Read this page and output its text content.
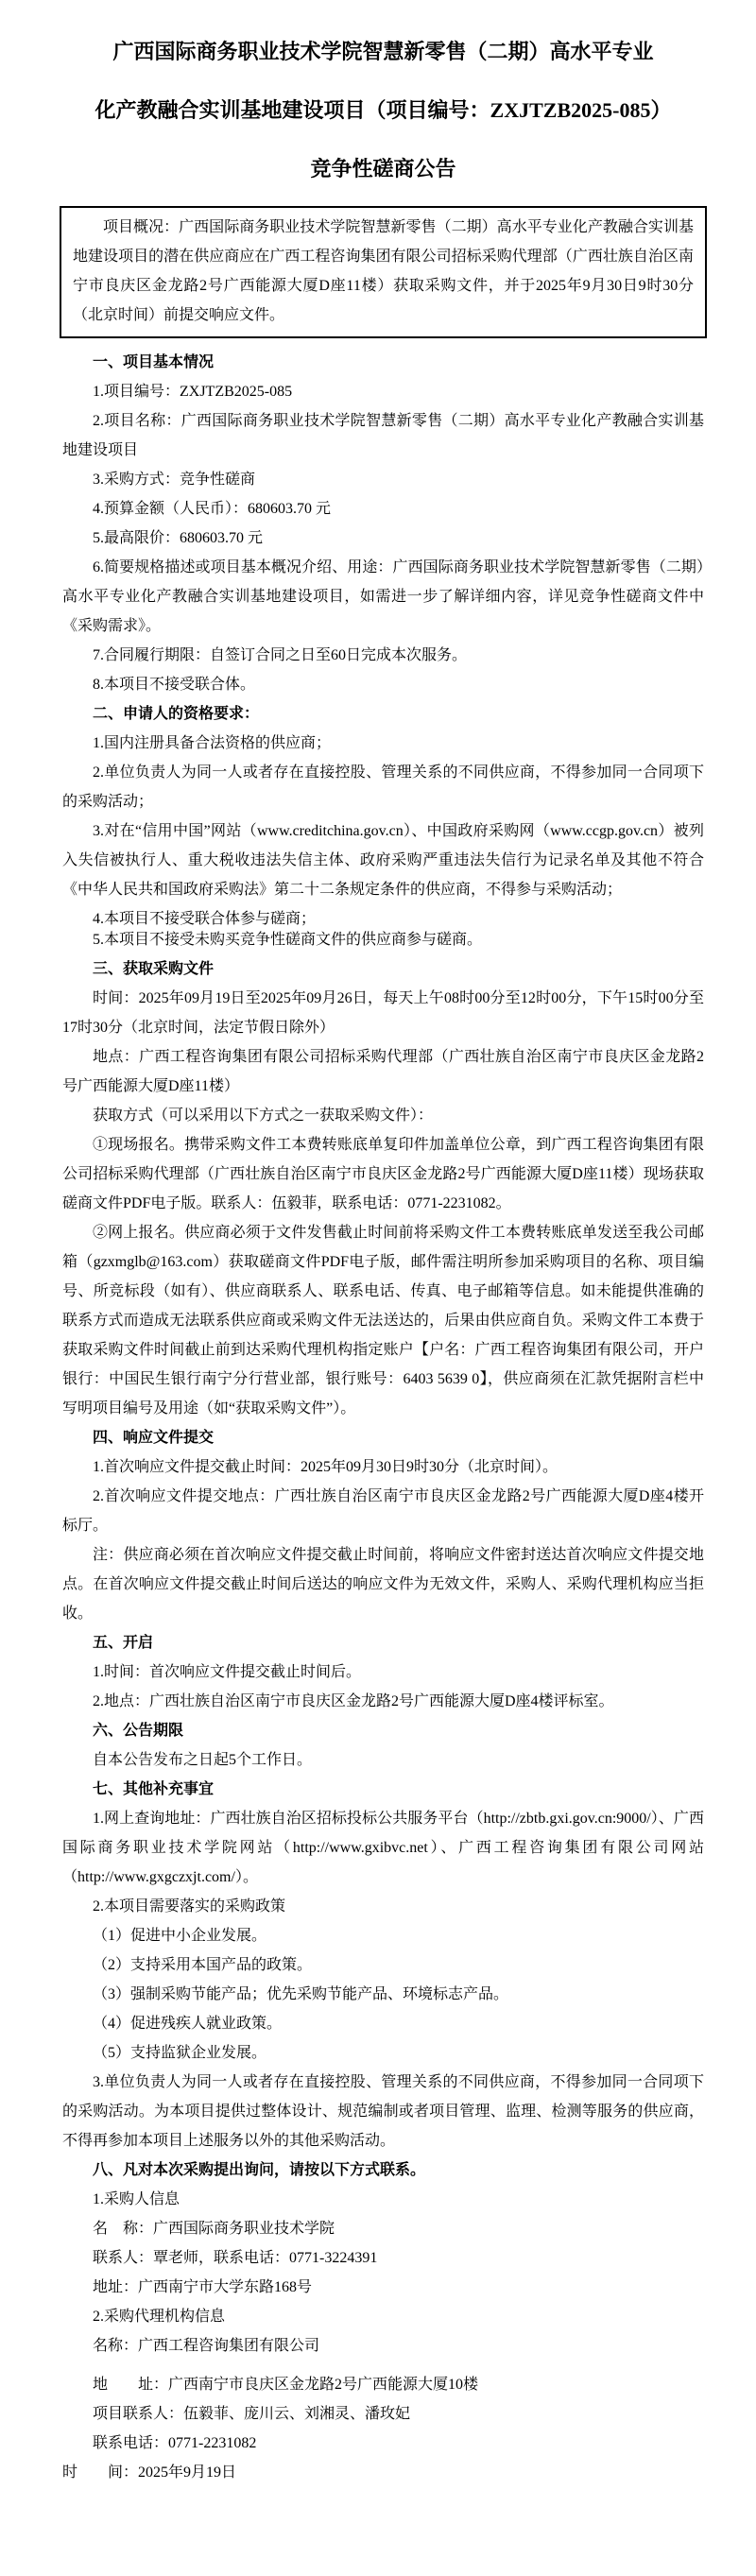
广西国际商务职业技术学院智慧新零售（二期）高水平专业
化产教融合实训基地建设项目（项目编号：ZXJTZB2025-085）
竞争性磋商公告

项目概况：广西国际商务职业技术学院智慧新零售（二期）高水平专业化产教融合实训基地建设项目的潜在供应商应在广西工程咨询集团有限公司招标采购代理部（广西壮族自治区南宁市良庆区金龙路2号广西能源大厦D座11楼）获取采购文件，并于2025年9月30日9时30分（北京时间）前提交响应文件。

一、项目基本情况

1.项目编号：ZXJTZB2025-085

2.项目名称：广西国际商务职业技术学院智慧新零售（二期）高水平专业化产教融合实训基地建设项目

3.采购方式：竞争性磋商

4.预算金额（人民币）：680603.70 元

5.最高限价：680603.70 元

6.简要规格描述或项目基本概况介绍、用途：广西国际商务职业技术学院智慧新零售（二期）高水平专业化产教融合实训基地建设项目，如需进一步了解详细内容，详见竞争性磋商文件中《采购需求》。

7.合同履行期限：自签订合同之日至60日完成本次服务。

8.本项目不接受联合体。

二、申请人的资格要求：

1.国内注册具备合法资格的供应商；

2.单位负责人为同一人或者存在直接控股、管理关系的不同供应商，不得参加同一合同项下的采购活动；

3.对在“信用中国”网站（www.creditchina.gov.cn）、中国政府采购网（www.ccgp.gov.cn）被列入失信被执行人、重大税收违法失信主体、政府采购严重违法失信行为记录名单及其他不符合《中华人民共和国政府采购法》第二十二条规定条件的供应商，不得参与采购活动；

4.本项目不接受联合体参与磋商；

5.本项目不接受未购买竞争性磋商文件的供应商参与磋商。

三、获取采购文件

时间：2025年09月19日至2025年09月26日，每天上午08时00分至12时00分，下午15时00分至17时30分（北京时间，法定节假日除外）

地点：广西工程咨询集团有限公司招标采购代理部（广西壮族自治区南宁市良庆区金龙路2号广西能源大厦D座11楼）

获取方式（可以采用以下方式之一获取采购文件）：

①现场报名。携带采购文件工本费转账底单复印件加盖单位公章，到广西工程咨询集团有限公司招标采购代理部（广西壮族自治区南宁市良庆区金龙路2号广西能源大厦D座11楼）现场获取磋商文件PDF电子版。联系人：伍毅菲，联系电话：0771-2231082。

②网上报名。供应商必须于文件发售截止时间前将采购文件工本费转账底单发送至我公司邮箱（gzxmglb@163.com）获取磋商文件PDF电子版，邮件需注明所参加采购项目的名称、项目编号、所竞标段（如有）、供应商联系人、联系电话、传真、电子邮箱等信息。如未能提供准确的联系方式而造成无法联系供应商或采购文件无法送达的，后果由供应商自负。采购文件工本费于获取采购文件时间截止前到达采购代理机构指定账户【户名：广西工程咨询集团有限公司，开户银行：中国民生银行南宁分行营业部，银行账号：6403 5639 0】，供应商须在汇款凭据附言栏中写明项目编号及用途（如“获取采购文件”）。

四、响应文件提交

1.首次响应文件提交截止时间：2025年09月30日9时30分（北京时间）。

2.首次响应文件提交地点：广西壮族自治区南宁市良庆区金龙路2号广西能源大厦D座4楼开标厅。

注：供应商必须在首次响应文件提交截止时间前，将响应文件密封送达首次响应文件提交地点。在首次响应文件提交截止时间后送达的响应文件为无效文件，采购人、采购代理机构应当拒收。

五、开启

1.时间：首次响应文件提交截止时间后。

2.地点：广西壮族自治区南宁市良庆区金龙路2号广西能源大厦D座4楼评标室。

六、公告期限

自本公告发布之日起5个工作日。

七、其他补充事宜

1.网上查询地址：广西壮族自治区招标投标公共服务平台（http://zbtb.gxi.gov.cn:9000/）、广西国际商务职业技术学院网站（http://www.gxibvc.net）、广西工程咨询集团有限公司网站（http://www.gxgczxjt.com/）。

2.本项目需要落实的采购政策

（1）促进中小企业发展。

（2）支持采用本国产品的政策。

（3）强制采购节能产品；优先采购节能产品、环境标志产品。

（4）促进残疾人就业政策。

（5）支持监狱企业发展。

3.单位负责人为同一人或者存在直接控股、管理关系的不同供应商，不得参加同一合同项下的采购活动。为本项目提供过整体设计、规范编制或者项目管理、监理、检测等服务的供应商，不得再参加本项目上述服务以外的其他采购活动。

八、凡对本次采购提出询问，请按以下方式联系。

1.采购人信息

名　称：广西国际商务职业技术学院

联系人：覃老师，联系电话：0771-3224391

地址：广西南宁市大学东路168号

2.采购代理机构信息

名称：广西工程咨询集团有限公司

地　　址：广西南宁市良庆区金龙路2号广西能源大厦10楼

项目联系人：伍毅菲、庞川云、刘湘灵、潘玫妃

联系电话：0771-2231082

时　　间：2025年9月19日
